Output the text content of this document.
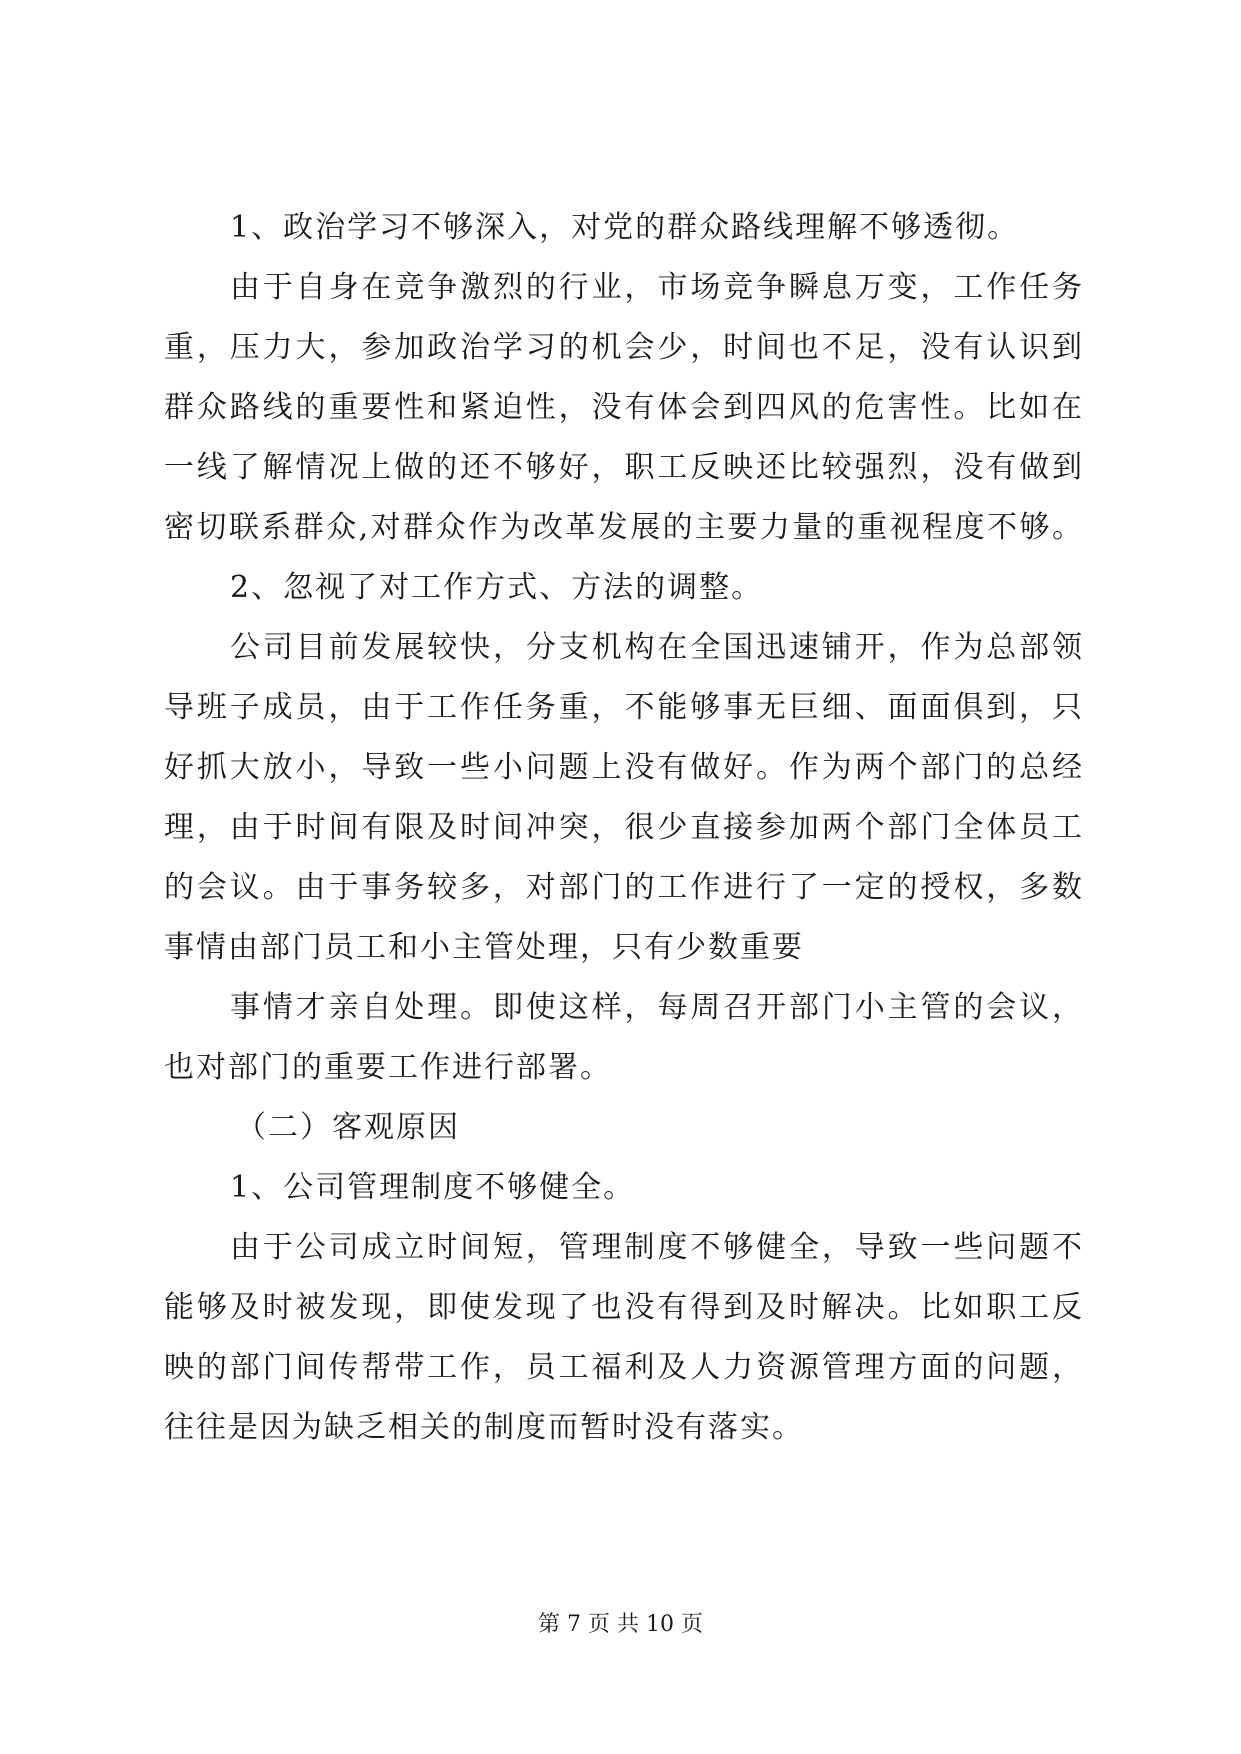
1、政治学习不够深入，对党的群众路线理解不够透彻。

由于自身在竞争激烈的行业，市场竞争瞬息万变，工作任务

重，压力大，参加政治学习的机会少，时间也不足，没有认识到

群众路线的重要性和紧迫性，没有体会到四风的危害性。比如在

一线了解情况上做的还不够好，职工反映还比较强烈，没有做到

密切联系群众,对群众作为改革发展的主要力量的重视程度不够。

2、忽视了对工作方式、方法的调整。

公司目前发展较快，分支机构在全国迅速铺开，作为总部领

导班子成员，由于工作任务重，不能够事无巨细、面面俱到，只

好抓大放小，导致一些小问题上没有做好。作为两个部门的总经

理，由于时间有限及时间冲突，很少直接参加两个部门全体员工

的会议。由于事务较多，对部门的工作进行了一定的授权，多数

事情由部门员工和小主管处理，只有少数重要

事情才亲自处理。即使这样，每周召开部门小主管的会议，

也对部门的重要工作进行部署。

（二）客观原因

1、公司管理制度不够健全。

由于公司成立时间短，管理制度不够健全，导致一些问题不

能够及时被发现，即使发现了也没有得到及时解决。比如职工反

映的部门间传帮带工作，员工福利及人力资源管理方面的问题，

往往是因为缺乏相关的制度而暂时没有落实。

第 7 页 共 10 页
